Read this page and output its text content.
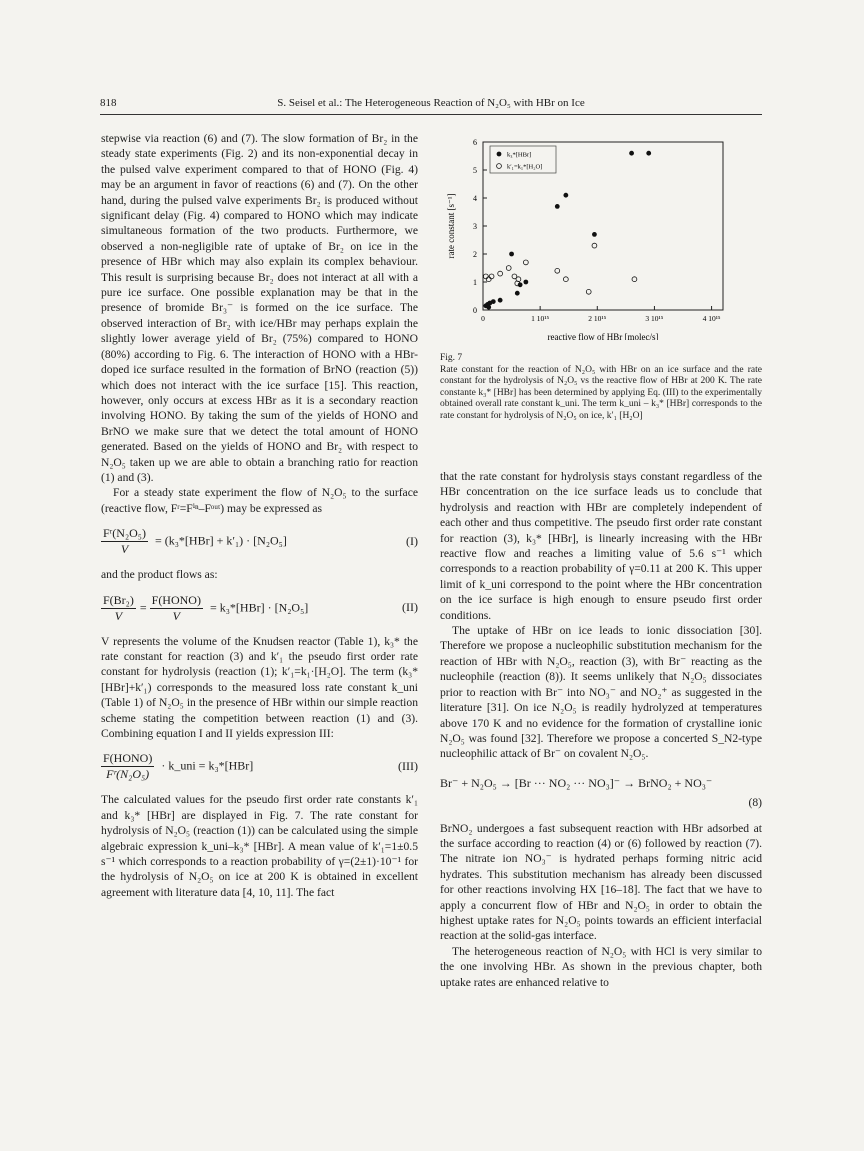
818	S. Seisel et al.: The Heterogeneous Reaction of N₂O₅ with HBr on Ice

stepwise via reaction (6) and (7). The slow formation of Br₂ in the steady state experiments (Fig. 2) and its non-exponential decay in the pulsed valve experiment compared to that of HONO (Fig. 4) may be an argument in favor of reactions (6) and (7). On the other hand, during the pulsed valve experiments Br₂ is produced without significant delay (Fig. 4) compared to HONO which may indicate simultaneous formation of the two products. Furthermore, we observed a non-negligible rate of uptake of Br₂ on ice in the presence of HBr which may also explain its complex behaviour. This result is surprising because Br₂ does not interact at all with a pure ice surface. One possible explanation may be that in the presence of bromide Br₃⁻ is formed on the ice surface. The observed interaction of Br₂ with ice/HBr may perhaps explain the slightly lower average yield of Br₂ (75%) compared to HONO (80%) according to Fig. 6. The interaction of HONO with a HBr-doped ice surface resulted in the formation of BrNO (reaction (5)) which does not interact with the ice surface [15]. This reaction, however, only occurs at excess HBr as it is a secondary reaction involving HONO. By taking the sum of the yields of HONO and BrNO we make sure that we detect the total amount of HONO generated. Based on the yields of HONO and Br₂ with respect to N₂O₅ taken up we are able to obtain a branching ratio for reaction (1) and (3).

For a steady state experiment the flow of N₂O₅ to the surface (reactive flow, Fʳ=Fⁱⁿ–Fᵒᵘᵗ) may be expressed as

$\frac{\text{Fʳ(N₂O₅)}}{V} = (k_3*[HBr] + k'_1) \cdot [N_2O_5]$	(I)

and the product flows as:

$\frac{\text{F(Br₂)}}{V} = \frac{\text{F(HONO)}}{V} = k_3*[HBr] \cdot [N_2O_5]$	(II)

V represents the volume of the Knudsen reactor (Table 1), k₃* the rate constant for reaction (3) and k′₁ the pseudo first order rate constant for hydrolysis (reaction (1); k′₁=k₁·[H₂O]. The term (k₃* [HBr]+k′₁) corresponds to the measured loss rate constant k_uni (Table 1) of N₂O₅ in the presence of HBr within our simple reaction scheme stating the competition between reaction (1) and (3). Combining equation I and II yields expression III:

$\frac{\text{F(HONO)}}{\text{Fʳ(N₂O₅)}}$ · k_uni = k₃*[HBr]	(III)

The calculated values for the pseudo first order rate constants k′₁ and k₃* [HBr] are displayed in Fig. 7. The rate constant for hydrolysis of N₂O₅ (reaction (1)) can be calculated using the simple algebraic expression k_uni–k₃* [HBr]. A mean value of k′₁=1±0.5 s⁻¹ which corresponds to a reaction probability of γ=(2±1)·10⁻¹ for the hydrolysis of N₂O₅ on ice at 200 K is obtained in excellent agreement with literature data [4, 10, 11]. The fact

rate constant [s⁻¹]
reactive flow of HBr [molec/s]
0	1 10¹⁵	2 10¹⁵	3 10¹⁵	4 10¹⁵
0
1
2
3
4
5
6
k₃*[HBr]
k′₁=k₁*[H₂O]

Fig. 7

Rate constant for the reaction of N₂O₅ with HBr on an ice surface and the rate constant for the hydrolysis of N₂O₅ vs the reactive flow of HBr at 200 K. The rate constante k₃* [HBr] has been determined by applying Eq. (III) to the experimentally obtained overall rate constant k_uni. The term k_uni – k₃* [HBr] corresponds to the rate constant for hydrolysis of N₂O₅ on ice, k′₁ [H₂O]

that the rate constant for hydrolysis stays constant regardless of the HBr concentration on the ice surface leads us to conclude that hydrolysis and reaction with HBr are completely independent of each other and thus competitive. The pseudo first order rate constant for reaction (3), k₃* [HBr], is linearly increasing with the HBr reactive flow and reaches a limiting value of 5.6 s⁻¹ which corresponds to a reaction probability of γ=0.11 at 200 K. This upper limit of k_uni correspond to the point where the HBr concentration on the ice surface is high enough to ensure pseudo first order conditions.

The uptake of HBr on ice leads to ionic dissociation [30]. Therefore we propose a nucleophilic substitution mechanism for the reaction of HBr with N₂O₅, reaction (3), with Br⁻ reacting as the nucleophile (reaction (8)). It seems unlikely that N₂O₅ dissociates prior to reaction with Br⁻ into NO₃⁻ and NO₂⁺ as suggested in the literature [31]. On ice N₂O₅ is readily hydrolyzed at temperatures above 170 K and no evidence for the formation of crystalline ionic N₂O₅ was found [32]. Therefore we propose a concerted S_N2-type nucleophilic attack of Br⁻ on covalent N₂O₅.

Br⁻ + N₂O₅ → [Br ··· NO₂ ··· NO₃]⁻ → BrNO₂ + NO₃⁻
(8)

BrNO₂ undergoes a fast subsequent reaction with HBr adsorbed at the surface according to reaction (4) or (6) followed by reaction (7). The nitrate ion NO₃⁻ is hydrated perhaps forming nitric acid hydrates. This substitution mechanism has already been discussed for other reactions involving HX [16–18]. The fact that we have to apply a concurrent flow of HBr and N₂O₅ in order to obtain the highest uptake rates for N₂O₅ points towards an efficient interfacial reaction at the solid-gas interface.

The heterogeneous reaction of N₂O₅ with HCl is very similar to the one involving HBr. As shown in the previous chapter, both uptake rates are enhanced relative to
